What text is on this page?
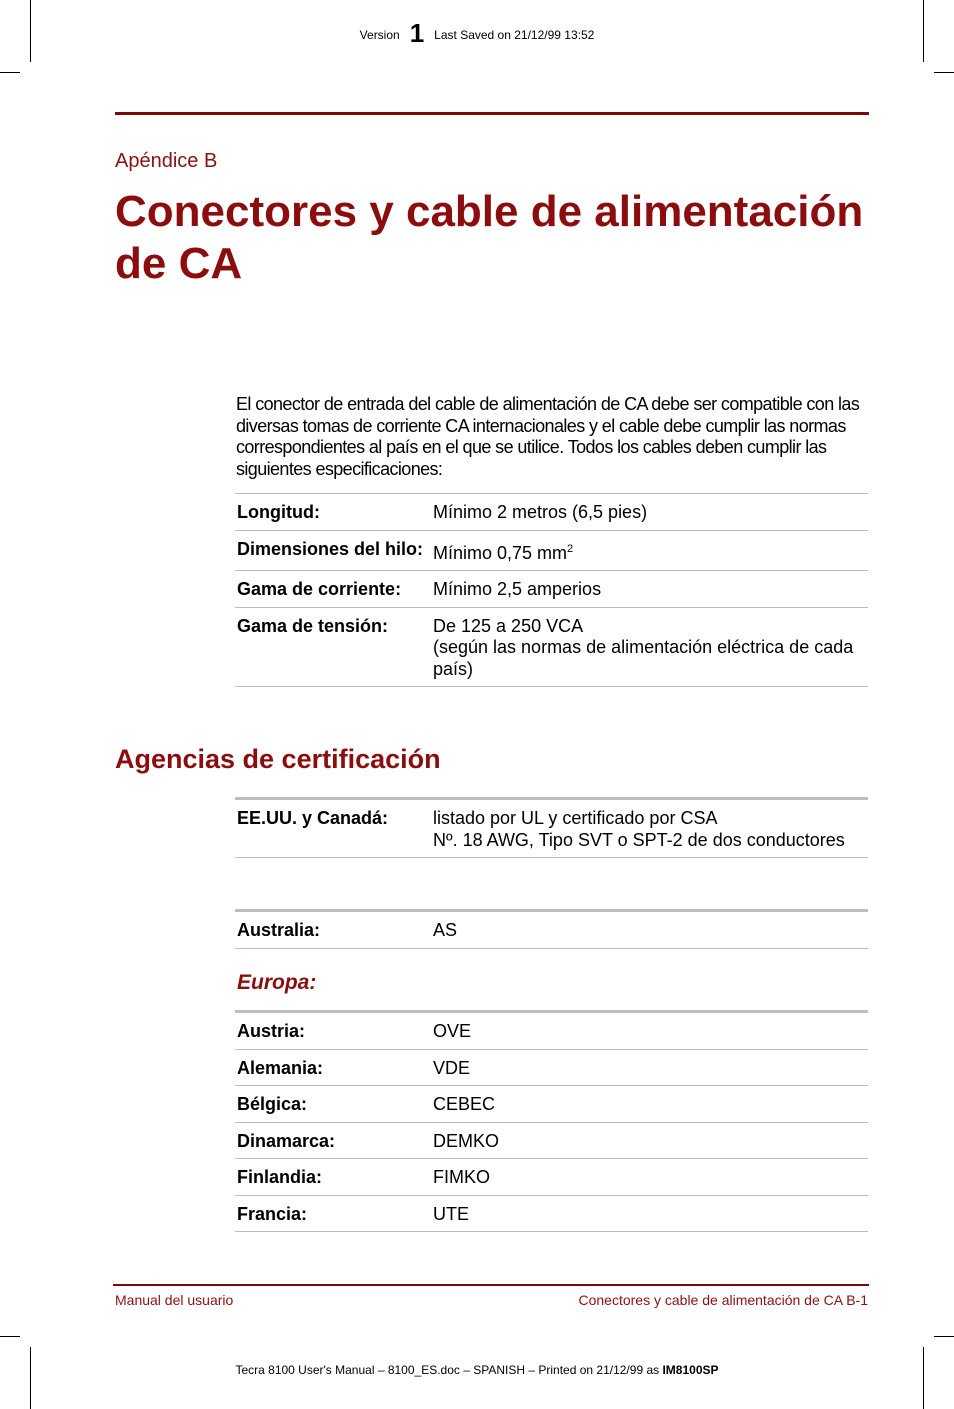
Version 1 Last Saved on 21/12/99 13:52
Apéndice B
Conectores y cable de alimentación de CA
El conector de entrada del cable de alimentación de CA debe ser compatible con las diversas tomas de corriente CA internacionales y el cable debe cumplir las normas correspondientes al país en el que se utilice. Todos los cables deben cumplir las siguientes especificaciones:
Longitud:	Mínimo 2 metros (6,5 pies)
Dimensiones del hilo:	Mínimo 0,75 $mm^2$
Gama de corriente:	Mínimo 2,5 amperios
Gama de tensión:	De 125 a 250 VCA
(según las normas de alimentación eléctrica de cada país)
Agencias de certificación
EE.UU. y Canadá:	listado por UL y certificado por CSA
Nº. 18 AWG, Tipo SVT o SPT-2 de dos conductores
Australia:	AS
Europa:
Austria:	OVE
Alemania:	VDE
Bélgica:	CEBEC
Dinamarca:	DEMKO
Finlandia:	FIMKO
Francia:	UTE
Manual del usuario	Conectores y cable de alimentación de CA B-1
Tecra 8100 User's Manual – 8100_ES.doc – SPANISH – Printed on 21/12/99 as IM8100SP
